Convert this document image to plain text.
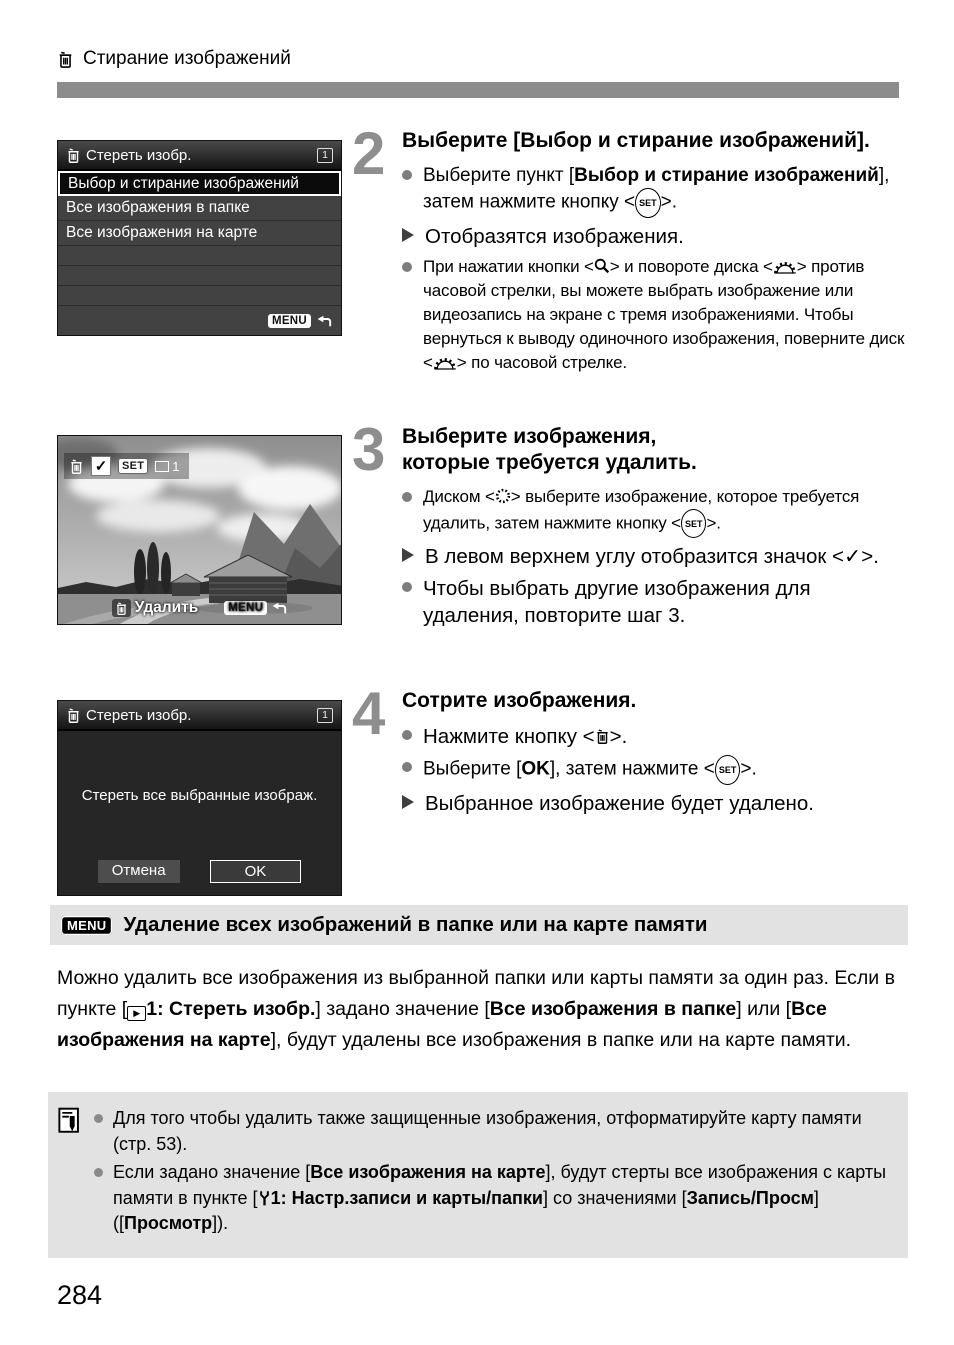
Стирание изображений
Стереть изобр.	1
Выбор и стирание изображений
Все изображения в папке
Все изображения на карте
MENU
2 Выберите [Выбор и стирание изображений].
Выберите пункт [Выбор и стирание изображений], затем нажмите кнопку < SET >.
Отобразятся изображения.
При нажатии кнопки < > и повороте диска < > против часовой стрелки, вы можете выбрать изображение или видеозапись на экране с тремя изображениями. Чтобы вернуться к выводу одиночного изображения, поверните диск < > по часовой стрелке.
✓	SET	1
Удалить	MENU
3 Выберите изображения, которые требуется удалить.
Диском < > выберите изображение, которое требуется удалить, затем нажмите кнопку < SET >.
В левом верхнем углу отобразится значок <✓>.
Чтобы выбрать другие изображения для удаления, повторите шаг 3.
Стереть изобр.	1
Стереть все выбранные изображ.
Отмена	OK
4 Сотрите изображения.
Нажмите кнопку < >.
Выберите [OK], затем нажмите < SET >.
Выбранное изображение будет удалено.
MENU Удаление всех изображений в папке или на карте памяти
Можно удалить все изображения из выбранной папки или карты памяти за один раз. Если в пункте [ ▶ 1: Стереть изобр.] задано значение [Все изображения в папке] или [Все изображения на карте], будут удалены все изображения в папке или на карте памяти.
Для того чтобы удалить также защищенные изображения, отформатируйте карту памяти (стр. 53).
Если задано значение [Все изображения на карте], будут стерты все изображения с карты памяти в пункте [ 1: Настр.записи и карты/папки] со значениями [Запись/Просм] ([Просмотр]).
284
